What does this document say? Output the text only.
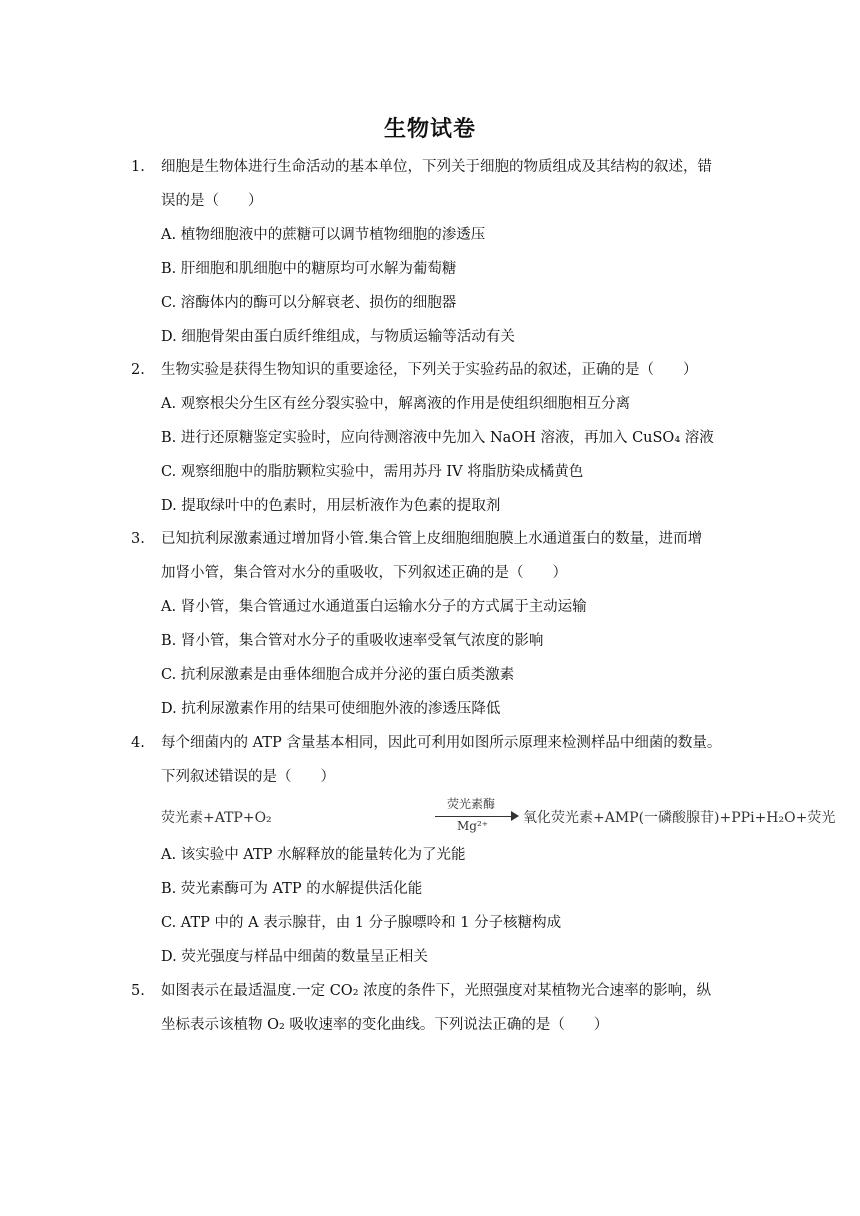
生物试卷
1. 细胞是生物体进行生命活动的基本单位，下列关于细胞的物质组成及其结构的叙述，错
误的是（　　）
A. 植物细胞液中的蔗糖可以调节植物细胞的渗透压
B. 肝细胞和肌细胞中的糖原均可水解为葡萄糖
C. 溶酶体内的酶可以分解衰老、损伤的细胞器
D. 细胞骨架由蛋白质纤维组成，与物质运输等活动有关
2. 生物实验是获得生物知识的重要途径，下列关于实验药品的叙述，正确的是（　　）
A. 观察根尖分生区有丝分裂实验中，解离液的作用是使组织细胞相互分离
B. 进行还原糖鉴定实验时，应向待测溶液中先加入 NaOH 溶液，再加入 CuSO₄ 溶液
C. 观察细胞中的脂肪颗粒实验中，需用苏丹 IV 将脂肪染成橘黄色
D. 提取绿叶中的色素时，用层析液作为色素的提取剂
3. 已知抗利尿激素通过增加肾小管.集合管上皮细胞细胞膜上水通道蛋白的数量，进而增
加肾小管，集合管对水分的重吸收，下列叙述正确的是（　　）
A. 肾小管，集合管通过水通道蛋白运输水分子的方式属于主动运输
B. 肾小管，集合管对水分子的重吸收速率受氧气浓度的影响
C. 抗利尿激素是由垂体细胞合成并分泌的蛋白质类激素
D. 抗利尿激素作用的结果可使细胞外液的渗透压降低
4. 每个细菌内的 ATP 含量基本相同，因此可利用如图所示原理来检测样品中细菌的数量。
下列叙述错误的是（　　）
荧光素+ATP+O₂
荧光素酶
Mg²⁺ 氧化荧光素+AMP(一磷酸腺苷)+PPi+H₂O+荧光
A. 该实验中 ATP 水解释放的能量转化为了光能
B. 荧光素酶可为 ATP 的水解提供活化能
C. ATP 中的 A 表示腺苷，由 1 分子腺嘌呤和 1 分子核糖构成
D. 荧光强度与样品中细菌的数量呈正相关
5. 如图表示在最适温度.一定 CO₂ 浓度的条件下，光照强度对某植物光合速率的影响，纵
坐标表示该植物 O₂ 吸收速率的变化曲线。下列说法正确的是（　　）
